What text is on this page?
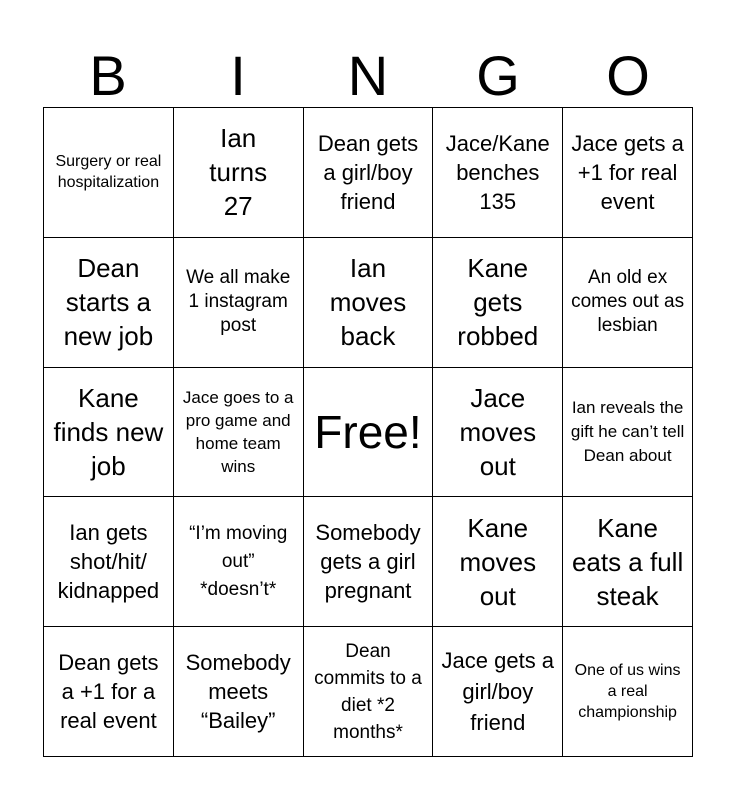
B	I	N	G	O
Surgery or real hospitalization
Ian turns 27
Dean gets a girl/boy friend
Jace/Kane benches 135
Jace gets a +1 for real event
Dean starts a new job
We all make 1 instagram post
Ian moves back
Kane gets robbed
An old ex comes out as lesbian
Kane finds new job
Jace goes to a pro game and home team wins
Free!
Jace moves out
Ian reveals the gift he can’t tell Dean about
Ian gets shot/hit/ kidnapped
“I’m moving out” *doesn’t*
Somebody gets a girl pregnant
Kane moves out
Kane eats a full steak
Dean gets a +1 for a real event
Somebody meets “Bailey”
Dean commits to a diet *2 months*
Jace gets a girl/boy friend
One of us wins a real championship
